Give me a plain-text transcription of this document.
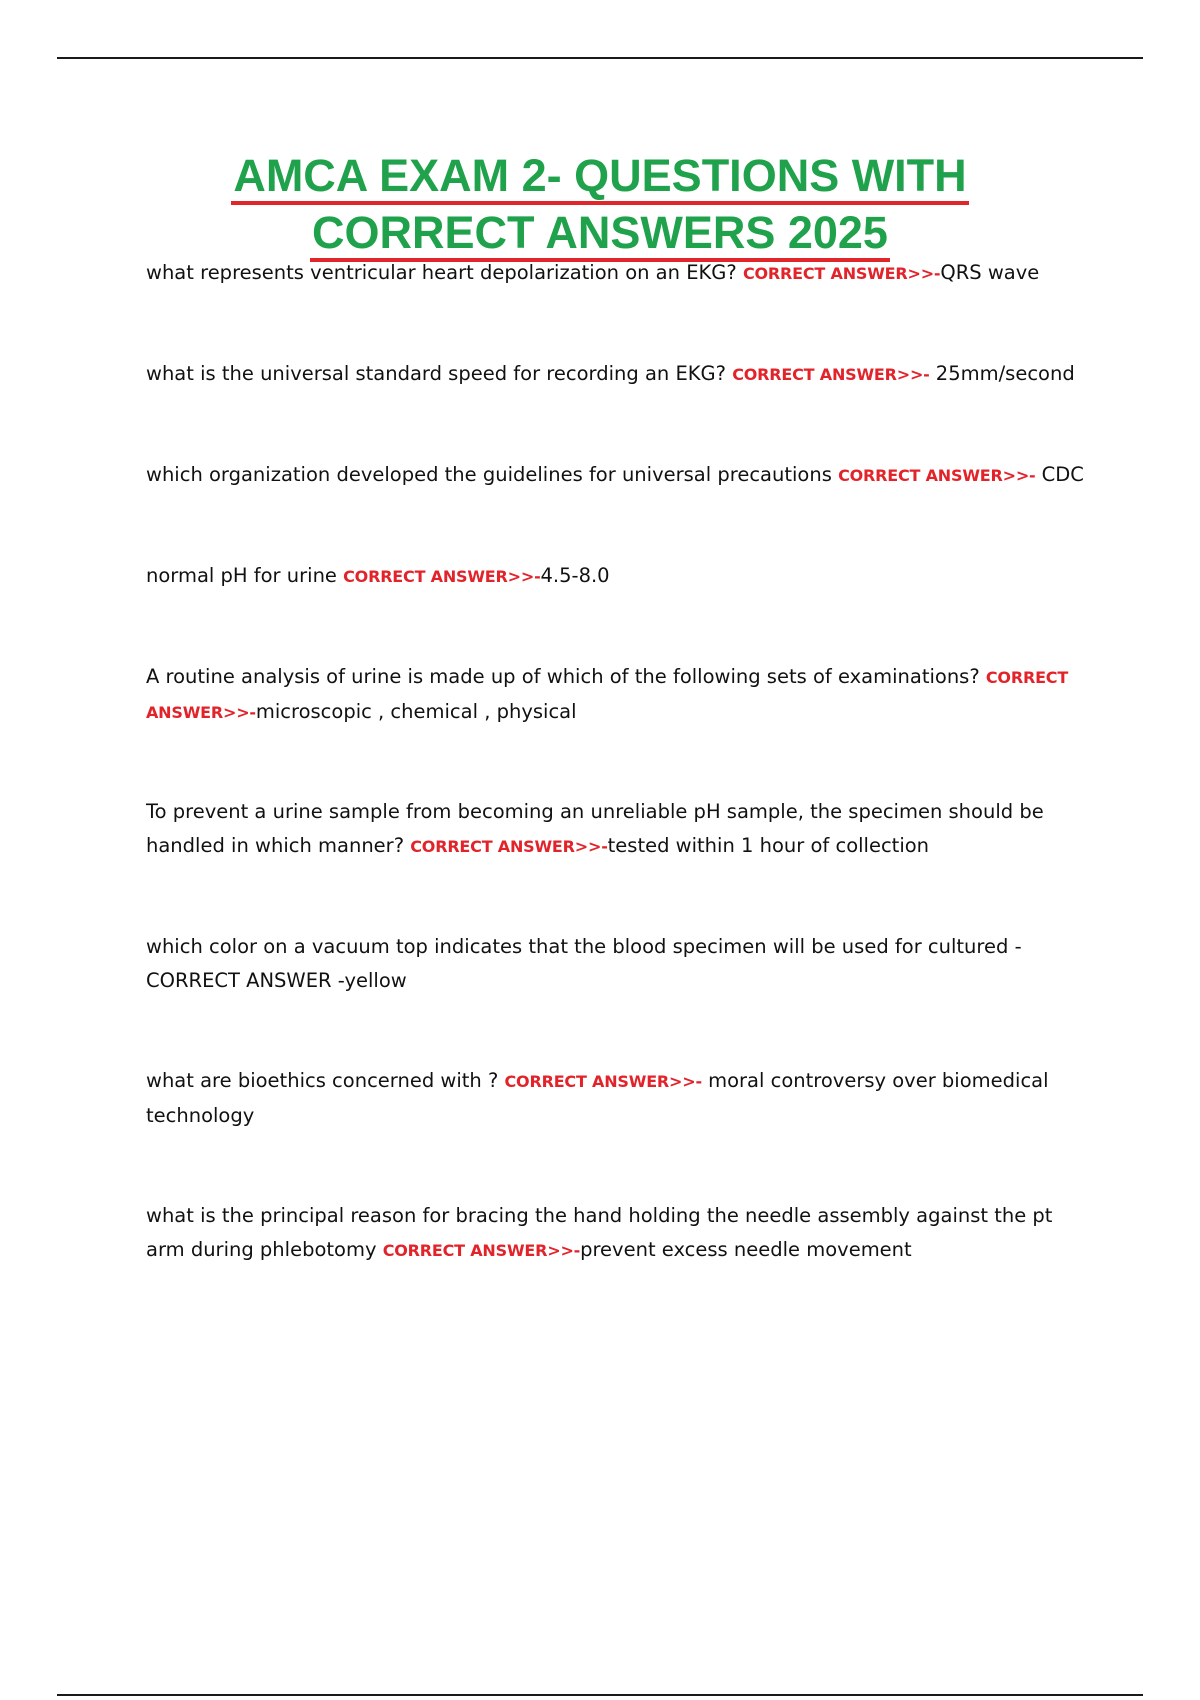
AMCA EXAM 2- QUESTIONS WITH
CORRECT ANSWERS 2025
what represents ventricular heart depolarization on an EKG? CORRECT ANSWER>>-QRS wave
what is the universal standard speed for recording an EKG? CORRECT ANSWER>>- 25mm/second
which organization developed the guidelines for universal precautions CORRECT ANSWER>>- CDC
normal pH for urine CORRECT ANSWER>>-4.5-8.0
A routine analysis of urine is made up of which of the following sets of examinations? CORRECT ANSWER>>-microscopic , chemical , physical
To prevent a urine sample from becoming an unreliable pH sample, the specimen should be handled in which manner? CORRECT ANSWER>>-tested within 1 hour of collection
which color on a vacuum top indicates that the blood specimen will be used for cultured - CORRECT ANSWER -yellow
what are bioethics concerned with ? CORRECT ANSWER>>- moral controversy over biomedical technology
what is the principal reason for bracing the hand holding the needle assembly against the pt arm during phlebotomy CORRECT ANSWER>>-prevent excess needle movement
